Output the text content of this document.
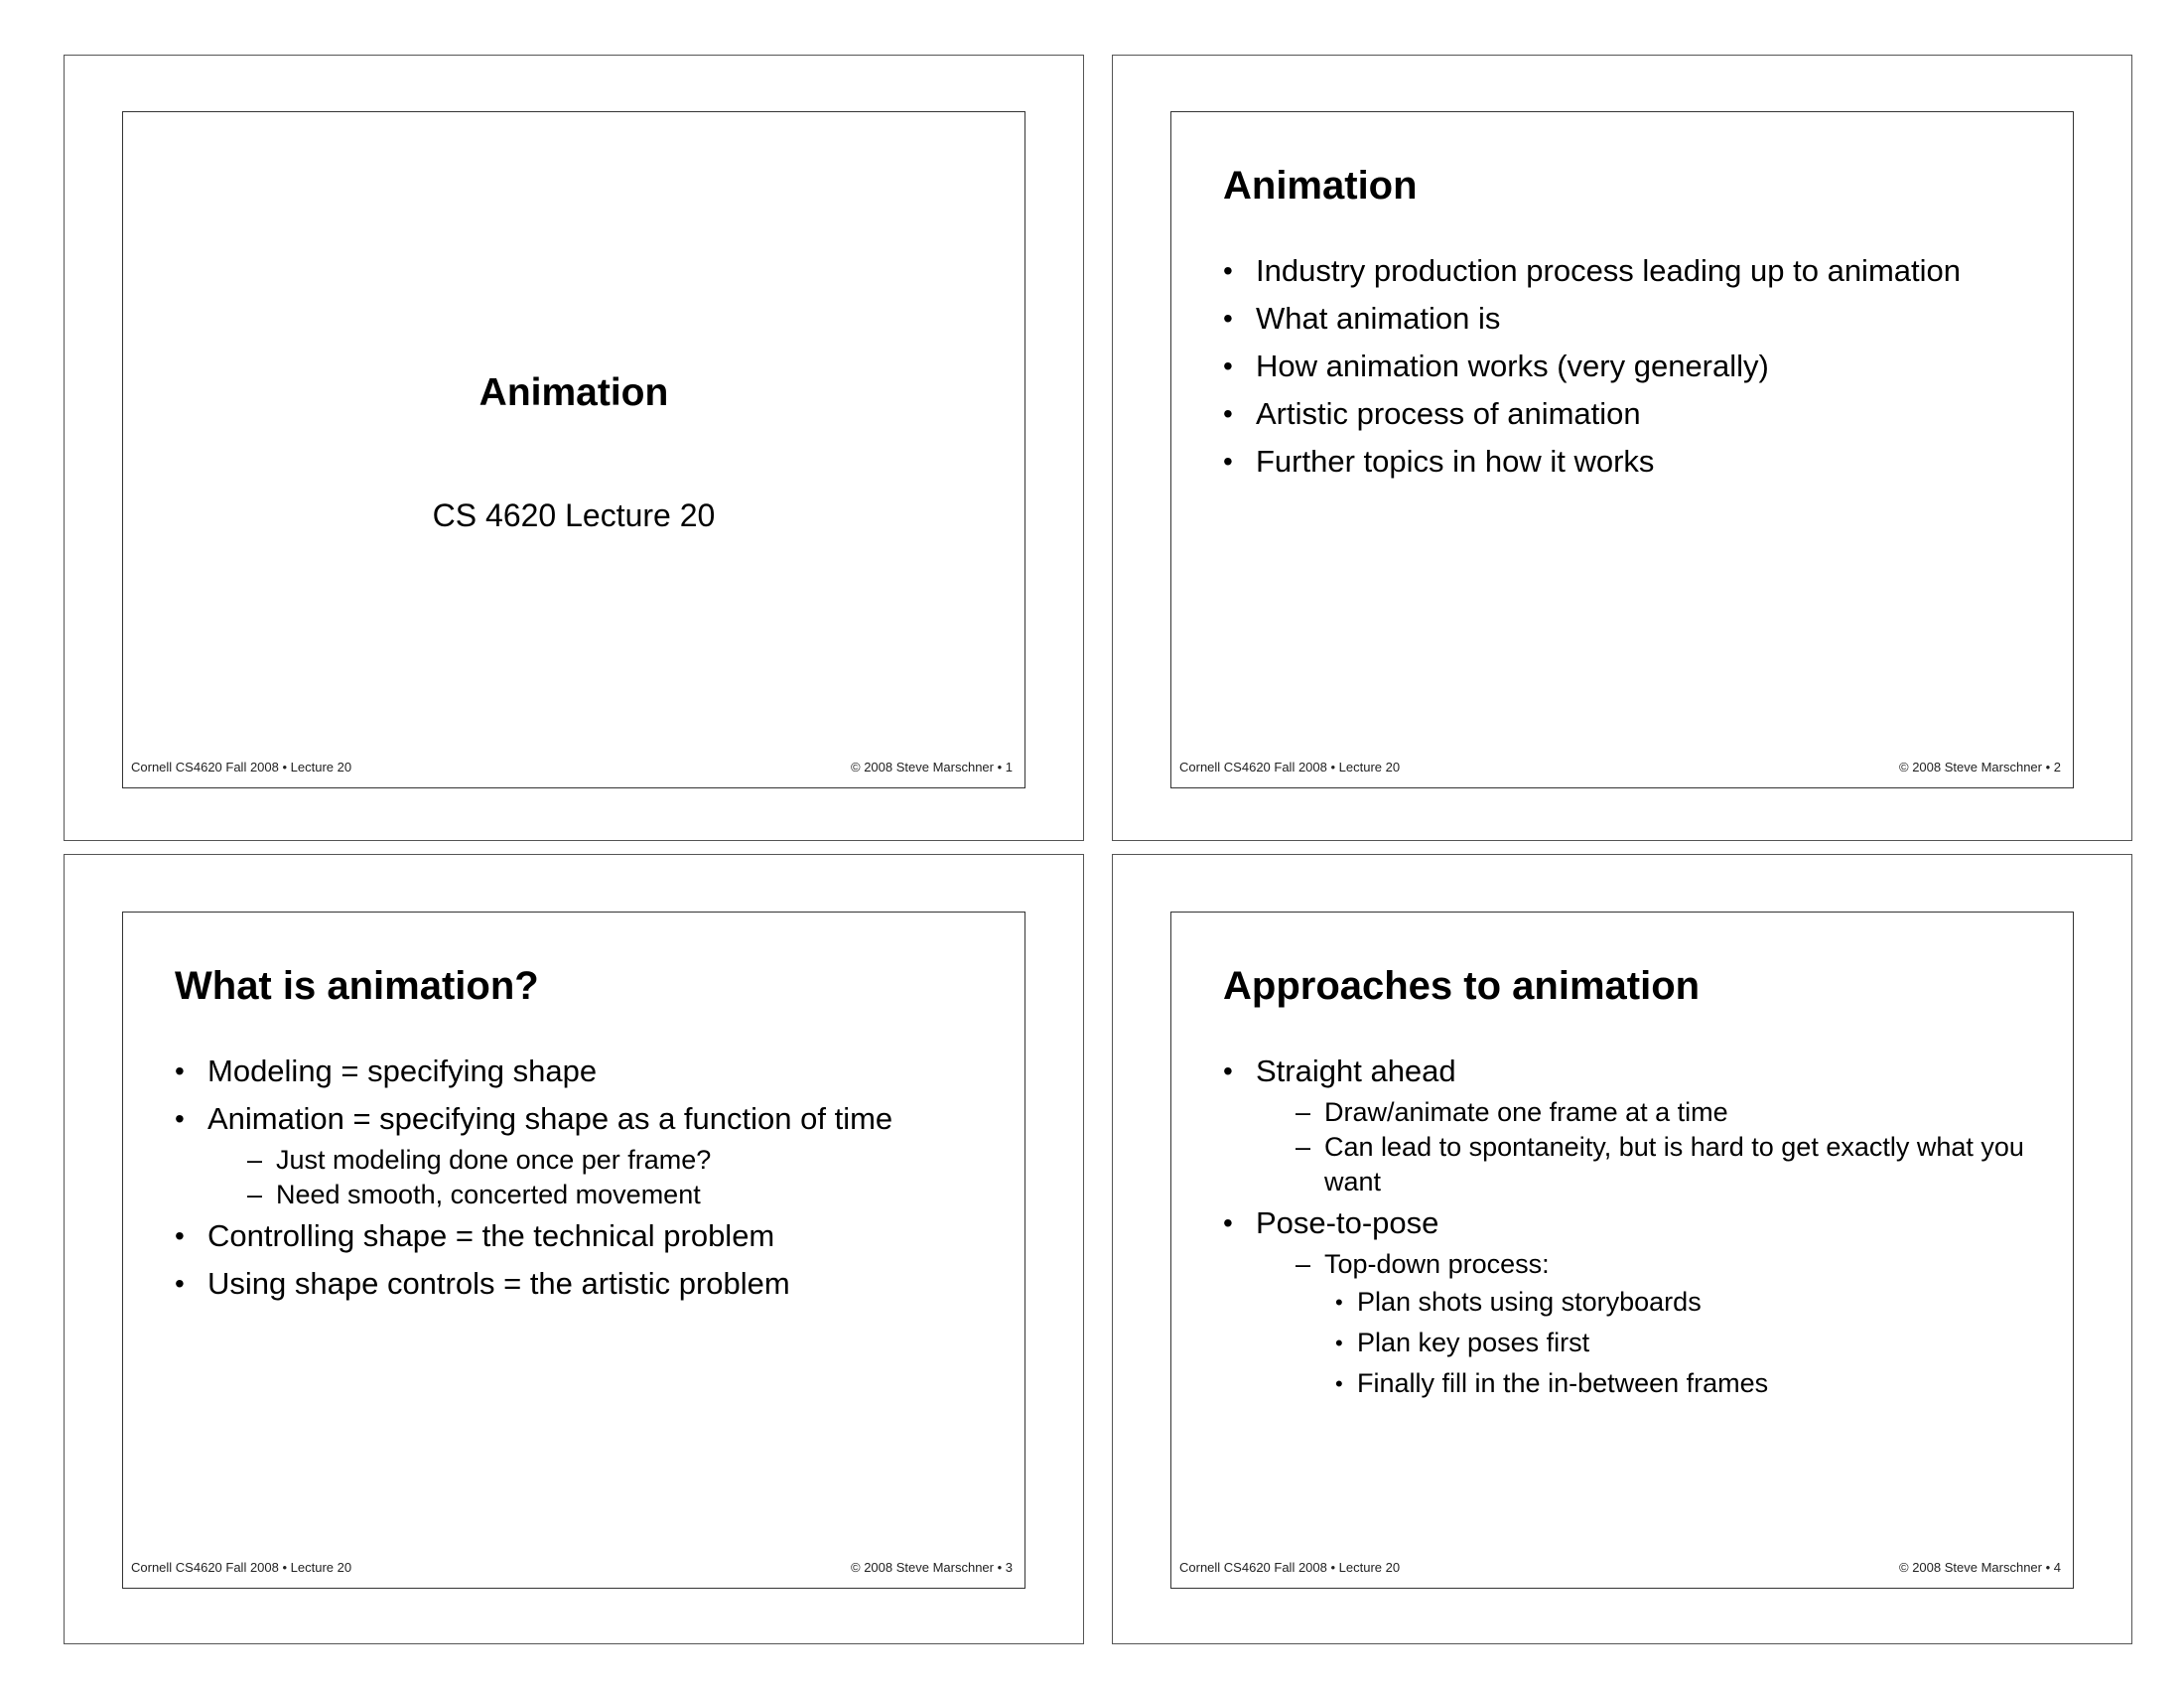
Animation
CS 4620 Lecture 20
Cornell CS4620 Fall 2008 • Lecture 20	© 2008 Steve Marschner • 1
Animation
• Industry production process leading up to animation
• What animation is
• How animation works (very generally)
• Artistic process of animation
• Further topics in how it works
Cornell CS4620 Fall 2008 • Lecture 20	© 2008 Steve Marschner • 2
What is animation?
• Modeling = specifying shape
• Animation = specifying shape as a function of time
– Just modeling done once per frame?
– Need smooth, concerted movement
• Controlling shape = the technical problem
• Using shape controls = the artistic problem
Cornell CS4620 Fall 2008 • Lecture 20	© 2008 Steve Marschner • 3
Approaches to animation
• Straight ahead
– Draw/animate one frame at a time
– Can lead to spontaneity, but is hard to get exactly what you want
• Pose-to-pose
– Top-down process:
• Plan shots using storyboards
• Plan key poses first
• Finally fill in the in-between frames
Cornell CS4620 Fall 2008 • Lecture 20	© 2008 Steve Marschner • 4
